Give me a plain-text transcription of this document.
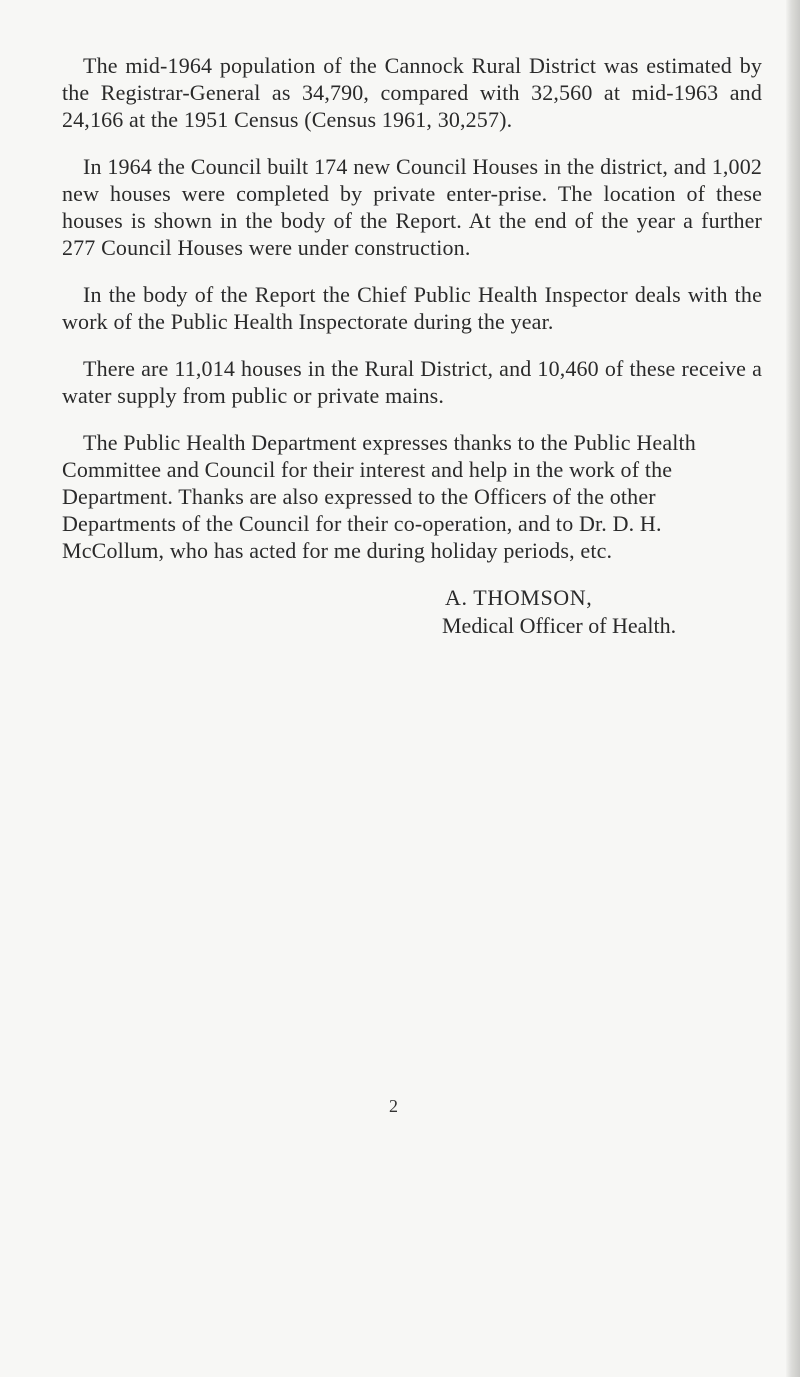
The mid-1964 population of the Cannock Rural District was estimated by the Registrar-General as 34,790, compared with 32,560 at mid-1963 and 24,166 at the 1951 Census (Census 1961, 30,257).

In 1964 the Council built 174 new Council Houses in the district, and 1,002 new houses were completed by private enter-prise. The location of these houses is shown in the body of the Report. At the end of the year a further 277 Council Houses were under construction.

In the body of the Report the Chief Public Health Inspector deals with the work of the Public Health Inspectorate during the year.

There are 11,014 houses in the Rural District, and 10,460 of these receive a water supply from public or private mains.

The Public Health Department expresses thanks to the Public Health Committee and Council for their interest and help in the work of the Department. Thanks are also expressed to the Officers of the other Departments of the Council for their co-operation, and to Dr. D. H. McCollum, who has acted for me during holiday periods, etc.

A. THOMSON,
Medical Officer of Health.
2
